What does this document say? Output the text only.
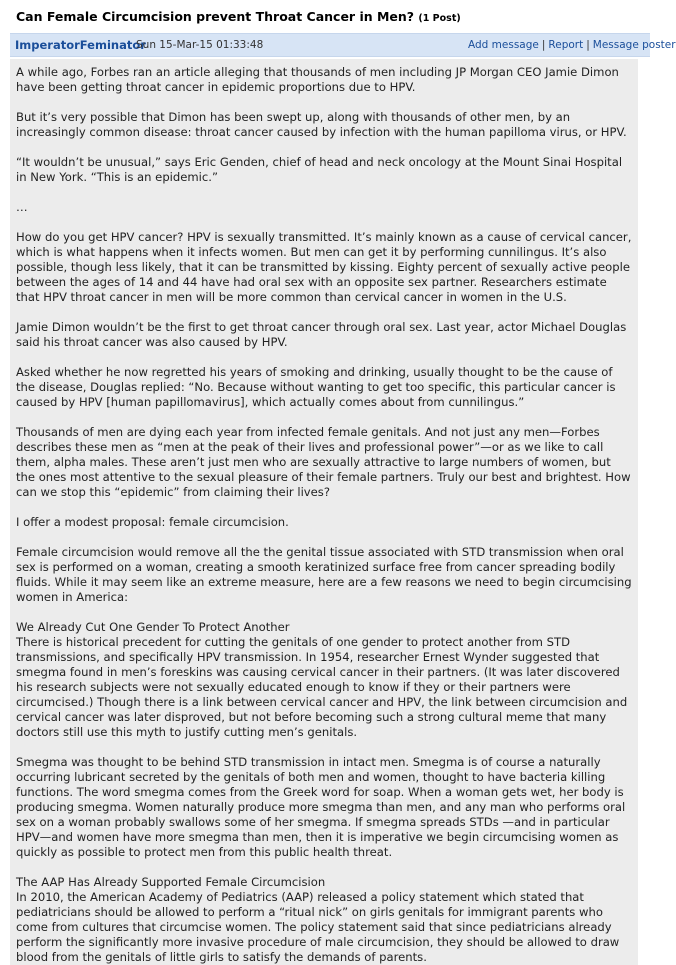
Can Female Circumcision prevent Throat Cancer in Men? (1 Post)
ImperatorFeminator
Sun 15-Mar-15 01:33:48	Add message | Report | Message poster

A while ago, Forbes ran an article alleging that thousands of men including JP Morgan CEO Jamie Dimon have been getting throat cancer in epidemic proportions due to HPV.

But it’s very possible that Dimon has been swept up, along with thousands of other men, by an increasingly common disease: throat cancer caused by infection with the human papilloma virus, or HPV.

“It wouldn’t be unusual,” says Eric Genden, chief of head and neck oncology at the Mount Sinai Hospital in New York. “This is an epidemic.”

…

How do you get HPV cancer? HPV is sexually transmitted. It’s mainly known as a cause of cervical cancer, which is what happens when it infects women. But men can get it by performing cunnilingus. It’s also possible, though less likely, that it can be transmitted by kissing. Eighty percent of sexually active people between the ages of 14 and 44 have had oral sex with an opposite sex partner. Researchers estimate that HPV throat cancer in men will be more common than cervical cancer in women in the U.S.

Jamie Dimon wouldn’t be the first to get throat cancer through oral sex. Last year, actor Michael Douglas said his throat cancer was also caused by HPV.

Asked whether he now regretted his years of smoking and drinking, usually thought to be the cause of the disease, Douglas replied: “No. Because without wanting to get too specific, this particular cancer is caused by HPV [human papillomavirus], which actually comes about from cunnilingus.”

Thousands of men are dying each year from infected female genitals. And not just any men—Forbes describes these men as “men at the peak of their lives and professional power”—or as we like to call them, alpha males. These aren’t just men who are sexually attractive to large numbers of women, but the ones most attentive to the sexual pleasure of their female partners. Truly our best and brightest. How can we stop this “epidemic” from claiming their lives?

I offer a modest proposal: female circumcision.

Female circumcision would remove all the the genital tissue associated with STD transmission when oral sex is performed on a woman, creating a smooth keratinized surface free from cancer spreading bodily fluids. While it may seem like an extreme measure, here are a few reasons we need to begin circumcising women in America:

We Already Cut One Gender To Protect Another
There is historical precedent for cutting the genitals of one gender to protect another from STD transmissions, and specifically HPV transmission. In 1954, researcher Ernest Wynder suggested that smegma found in men’s foreskins was causing cervical cancer in their partners. (It was later discovered his research subjects were not sexually educated enough to know if they or their partners were circumcised.) Though there is a link between cervical cancer and HPV, the link between circumcision and cervical cancer was later disproved, but not before becoming such a strong cultural meme that many doctors still use this myth to justify cutting men’s genitals.

Smegma was thought to be behind STD transmission in intact men. Smegma is of course a naturally occurring lubricant secreted by the genitals of both men and women, thought to have bacteria killing functions. The word smegma comes from the Greek word for soap. When a woman gets wet, her body is producing smegma. Women naturally produce more smegma than men, and any man who performs oral sex on a woman probably swallows some of her smegma. If smegma spreads STDs —and in particular HPV—and women have more smegma than men, then it is imperative we begin circumcising women as quickly as possible to protect men from this public health threat.

The AAP Has Already Supported Female Circumcision
In 2010, the American Academy of Pediatrics (AAP) released a policy statement which stated that pediatricians should be allowed to perform a “ritual nick” on girls genitals for immigrant parents who come from cultures that circumcise women. The policy statement said that since pediatricians already perform the significantly more invasive procedure of male circumcision, they should be allowed to draw blood from the genitals of little girls to satisfy the demands of parents.
